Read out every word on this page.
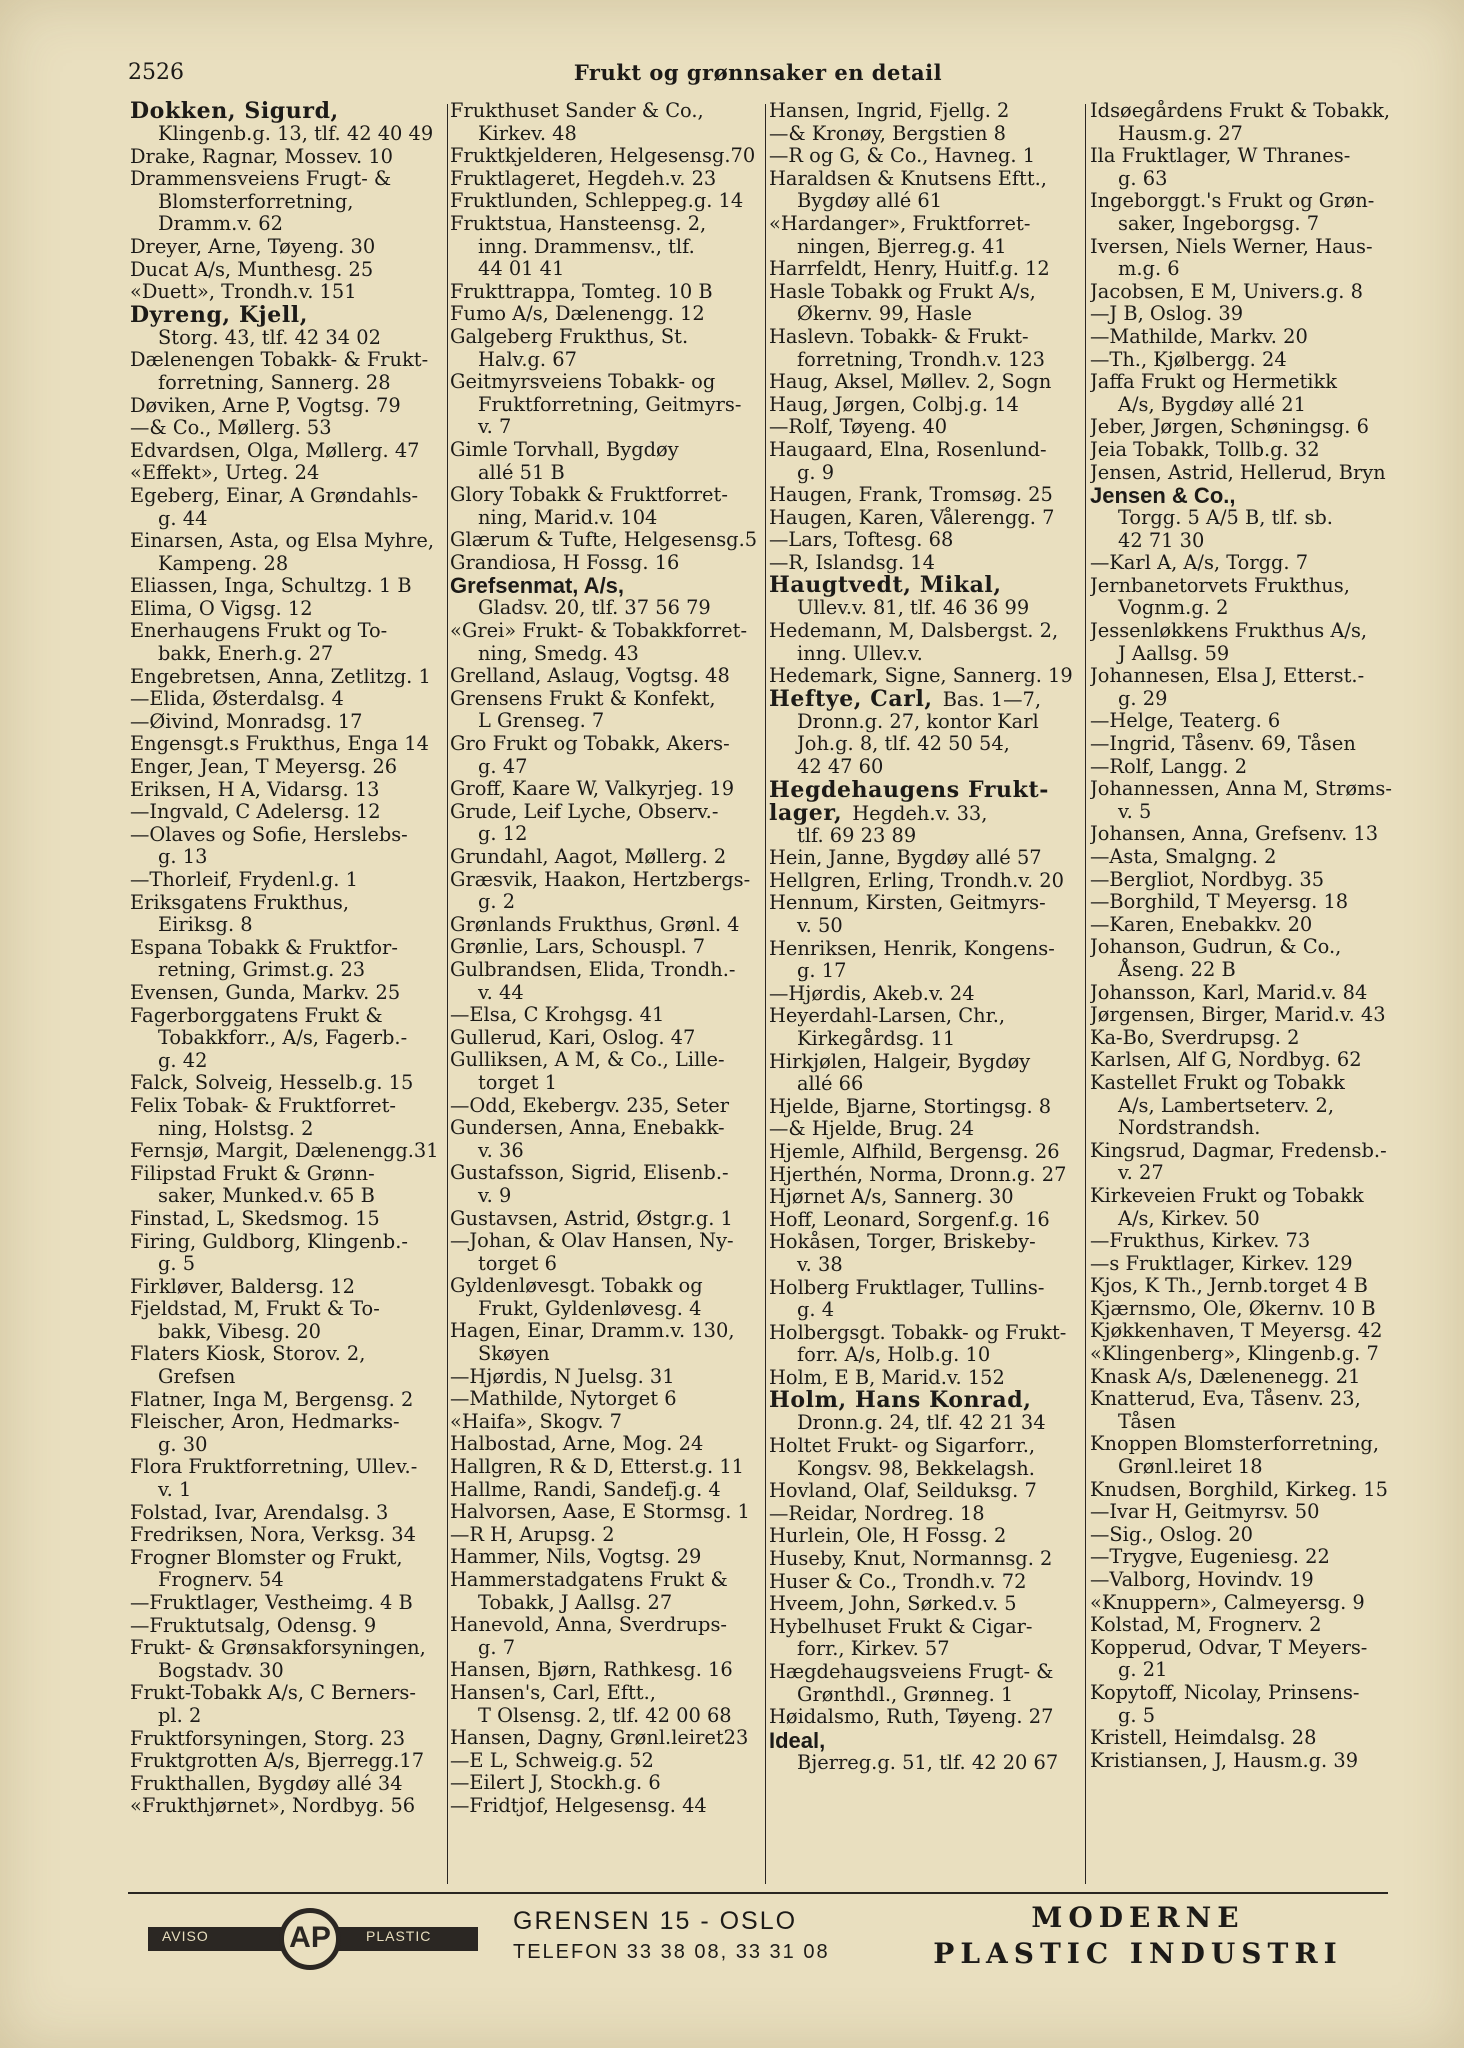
2526	Frukt og grønnsaker en detail
Dokken, Sigurd,
Klingenb.g. 13, tlf. 42 40 49
Drake, Ragnar, Mossev. 10
Drammensveiens Frugt- &
Blomsterforretning,
Dramm.v. 62
Dreyer, Arne, Tøyeng. 30
Ducat A/s, Munthesg. 25
«Duett», Trondh.v. 151
Dyreng, Kjell,
Storg. 43, tlf. 42 34 02
Dælenengen Tobakk- & Frukt-
forretning, Sannerg. 28
Døviken, Arne P, Vogtsg. 79
—& Co., Møllerg. 53
Edvardsen, Olga, Møllerg. 47
«Effekt», Urteg. 24
Egeberg, Einar, A Grøndahls-
g. 44
Einarsen, Asta, og Elsa Myhre,
Kampeng. 28
Eliassen, Inga, Schultzg. 1 B
Elima, O Vigsg. 12
Enerhaugens Frukt og To-
bakk, Enerh.g. 27
Engebretsen, Anna, Zetlitzg. 1
—Elida, Østerdalsg. 4
—Øivind, Monradsg. 17
Engensgt.s Frukthus, Enga 14
Enger, Jean, T Meyersg. 26
Eriksen, H A, Vidarsg. 13
—Ingvald, C Adelersg. 12
—Olaves og Sofie, Herslebs-
g. 13
—Thorleif, Frydenl.g. 1
Eriksgatens Frukthus,
Eiriksg. 8
Espana Tobakk & Fruktfor-
retning, Grimst.g. 23
Evensen, Gunda, Markv. 25
Fagerborggatens Frukt &
Tobakkforr., A/s, Fagerb.-
g. 42
Falck, Solveig, Hesselb.g. 15
Felix Tobak- & Fruktforret-
ning, Holstsg. 2
Fernsjø, Margit, Dælenengg.31
Filipstad Frukt & Grønn-
saker, Munked.v. 65 B
Finstad, L, Skedsmog. 15
Firing, Guldborg, Klingenb.-
g. 5
Firkløver, Baldersg. 12
Fjeldstad, M, Frukt & To-
bakk, Vibesg. 20
Flaters Kiosk, Storov. 2,
Grefsen
Flatner, Inga M, Bergensg. 2
Fleischer, Aron, Hedmarks-
g. 30
Flora Fruktforretning, Ullev.-
v. 1
Folstad, Ivar, Arendalsg. 3
Fredriksen, Nora, Verksg. 34
Frogner Blomster og Frukt,
Frognerv. 54
—Fruktlager, Vestheimg. 4 B
—Fruktutsalg, Odensg. 9
Frukt- & Grønsakforsyningen,
Bogstadv. 30
Frukt-Tobakk A/s, C Berners-
pl. 2
Fruktforsyningen, Storg. 23
Fruktgrotten A/s, Bjerregg.17
Frukthallen, Bygdøy allé 34
«Frukthjørnet», Nordbyg. 56
Frukthuset Sander & Co.,
Kirkev. 48
Fruktkjelderen, Helgesensg.70
Fruktlageret, Hegdeh.v. 23
Fruktlunden, Schleppeg.g. 14
Fruktstua, Hansteensg. 2,
inng. Drammensv., tlf.
44 01 41
Frukttrappa, Tomteg. 10 B
Fumo A/s, Dælenengg. 12
Galgeberg Frukthus, St.
Halv.g. 67
Geitmyrsveiens Tobakk- og
Fruktforretning, Geitmyrs-
v. 7
Gimle Torvhall, Bygdøy
allé 51 B
Glory Tobakk & Fruktforret-
ning, Marid.v. 104
Glærum & Tufte, Helgesensg.5
Grandiosa, H Fossg. 16
Grefsenmat, A/s,
Gladsv. 20, tlf. 37 56 79
«Grei» Frukt- & Tobakkforret-
ning, Smedg. 43
Grelland, Aslaug, Vogtsg. 48
Grensens Frukt & Konfekt,
L Grenseg. 7
Gro Frukt og Tobakk, Akers-
g. 47
Groff, Kaare W, Valkyrjeg. 19
Grude, Leif Lyche, Observ.-
g. 12
Grundahl, Aagot, Møllerg. 2
Græsvik, Haakon, Hertzbergs-
g. 2
Grønlands Frukthus, Grønl. 4
Grønlie, Lars, Schouspl. 7
Gulbrandsen, Elida, Trondh.-
v. 44
—Elsa, C Krohgsg. 41
Gullerud, Kari, Oslog. 47
Gulliksen, A M, & Co., Lille-
torget 1
—Odd, Ekebergv. 235, Seter
Gundersen, Anna, Enebakk-
v. 36
Gustafsson, Sigrid, Elisenb.-
v. 9
Gustavsen, Astrid, Østgr.g. 1
—Johan, & Olav Hansen, Ny-
torget 6
Gyldenløvesgt. Tobakk og
Frukt, Gyldenløvesg. 4
Hagen, Einar, Dramm.v. 130,
Skøyen
—Hjørdis, N Juelsg. 31
—Mathilde, Nytorget 6
«Haifa», Skogv. 7
Halbostad, Arne, Mog. 24
Hallgren, R & D, Etterst.g. 11
Hallme, Randi, Sandefj.g. 4
Halvorsen, Aase, E Stormsg. 1
—R H, Arupsg. 2
Hammer, Nils, Vogtsg. 29
Hammerstadgatens Frukt &
Tobakk, J Aallsg. 27
Hanevold, Anna, Sverdrups-
g. 7
Hansen, Bjørn, Rathkesg. 16
Hansen's, Carl, Eftt.,
T Olsensg. 2, tlf. 42 00 68
Hansen, Dagny, Grønl.leiret23
—E L, Schweig.g. 52
—Eilert J, Stockh.g. 6
—Fridtjof, Helgesensg. 44
Hansen, Ingrid, Fjellg. 2
—& Kronøy, Bergstien 8
—R og G, & Co., Havneg. 1
Haraldsen & Knutsens Eftt.,
Bygdøy allé 61
«Hardanger», Fruktforret-
ningen, Bjerreg.g. 41
Harrfeldt, Henry, Huitf.g. 12
Hasle Tobakk og Frukt A/s,
Økernv. 99, Hasle
Haslevn. Tobakk- & Frukt-
forretning, Trondh.v. 123
Haug, Aksel, Møllev. 2, Sogn
Haug, Jørgen, Colbj.g. 14
—Rolf, Tøyeng. 40
Haugaard, Elna, Rosenlund-
g. 9
Haugen, Frank, Tromsøg. 25
Haugen, Karen, Vålerengg. 7
—Lars, Toftesg. 68
—R, Islandsg. 14
Haugtvedt, Mikal,
Ullev.v. 81, tlf. 46 36 99
Hedemann, M, Dalsbergst. 2,
inng. Ullev.v.
Hedemark, Signe, Sannerg. 19
Heftye, Carl, Bas. 1—7,
Dronn.g. 27, kontor Karl
Joh.g. 8, tlf. 42 50 54,
42 47 60
Hegdehaugens Frukt-
lager, Hegdeh.v. 33,
tlf. 69 23 89
Hein, Janne, Bygdøy allé 57
Hellgren, Erling, Trondh.v. 20
Hennum, Kirsten, Geitmyrs-
v. 50
Henriksen, Henrik, Kongens-
g. 17
—Hjørdis, Akeb.v. 24
Heyerdahl-Larsen, Chr.,
Kirkegårdsg. 11
Hirkjølen, Halgeir, Bygdøy
allé 66
Hjelde, Bjarne, Stortingsg. 8
—& Hjelde, Brug. 24
Hjemle, Alfhild, Bergensg. 26
Hjerthén, Norma, Dronn.g. 27
Hjørnet A/s, Sannerg. 30
Hoff, Leonard, Sorgenf.g. 16
Hokåsen, Torger, Briskeby-
v. 38
Holberg Fruktlager, Tullins-
g. 4
Holbergsgt. Tobakk- og Frukt-
forr. A/s, Holb.g. 10
Holm, E B, Marid.v. 152
Holm, Hans Konrad,
Dronn.g. 24, tlf. 42 21 34
Holtet Frukt- og Sigarforr.,
Kongsv. 98, Bekkelagsh.
Hovland, Olaf, Seilduksg. 7
—Reidar, Nordreg. 18
Hurlein, Ole, H Fossg. 2
Huseby, Knut, Normannsg. 2
Huser & Co., Trondh.v. 72
Hveem, John, Sørked.v. 5
Hybelhuset Frukt & Cigar-
forr., Kirkev. 57
Hægdehaugsveiens Frugt- &
Grønthdl., Grønneg. 1
Høidalsmo, Ruth, Tøyeng. 27
Ideal,
Bjerreg.g. 51, tlf. 42 20 67
Idsøegårdens Frukt & Tobakk,
Hausm.g. 27
Ila Fruktlager, W Thranes-
g. 63
Ingeborggt.'s Frukt og Grøn-
saker, Ingeborgsg. 7
Iversen, Niels Werner, Haus-
m.g. 6
Jacobsen, E M, Univers.g. 8
—J B, Oslog. 39
—Mathilde, Markv. 20
—Th., Kjølbergg. 24
Jaffa Frukt og Hermetikk
A/s, Bygdøy allé 21
Jeber, Jørgen, Schøningsg. 6
Jeia Tobakk, Tollb.g. 32
Jensen, Astrid, Hellerud, Bryn
Jensen & Co.,
Torgg. 5 A/5 B, tlf. sb.
42 71 30
—Karl A, A/s, Torgg. 7
Jernbanetorvets Frukthus,
Vognm.g. 2
Jessenløkkens Frukthus A/s,
J Aallsg. 59
Johannesen, Elsa J, Etterst.-
g. 29
—Helge, Teaterg. 6
—Ingrid, Tåsenv. 69, Tåsen
—Rolf, Langg. 2
Johannessen, Anna M, Strøms-
v. 5
Johansen, Anna, Grefsenv. 13
—Asta, Smalgng. 2
—Bergliot, Nordbyg. 35
—Borghild, T Meyersg. 18
—Karen, Enebakkv. 20
Johanson, Gudrun, & Co.,
Åseng. 22 B
Johansson, Karl, Marid.v. 84
Jørgensen, Birger, Marid.v. 43
Ka-Bo, Sverdrupsg. 2
Karlsen, Alf G, Nordbyg. 62
Kastellet Frukt og Tobakk
A/s, Lambertseterv. 2,
Nordstrandsh.
Kingsrud, Dagmar, Fredensb.-
v. 27
Kirkeveien Frukt og Tobakk
A/s, Kirkev. 50
—Frukthus, Kirkev. 73
—s Fruktlager, Kirkev. 129
Kjos, K Th., Jernb.torget 4 B
Kjærnsmo, Ole, Økernv. 10 B
Kjøkkenhaven, T Meyersg. 42
«Klingenberg», Klingenb.g. 7
Knask A/s, Dælenenegg. 21
Knatterud, Eva, Tåsenv. 23,
Tåsen
Knoppen Blomsterforretning,
Grønl.leiret 18
Knudsen, Borghild, Kirkeg. 15
—Ivar H, Geitmyrsv. 50
—Sig., Oslog. 20
—Trygve, Eugeniesg. 22
—Valborg, Hovindv. 19
«Knuppern», Calmeyersg. 9
Kolstad, M, Frognerv. 2
Kopperud, Odvar, T Meyers-
g. 21
Kopytoff, Nicolay, Prinsens-
g. 5
Kristell, Heimdalsg. 28
Kristiansen, J, Hausm.g. 39
AVISO	PLASTIC
AP	GRENSEN 15 - OSLO
TELEFON 33 38 08, 33 31 08
MODERNE
PLASTIC INDUSTRI
